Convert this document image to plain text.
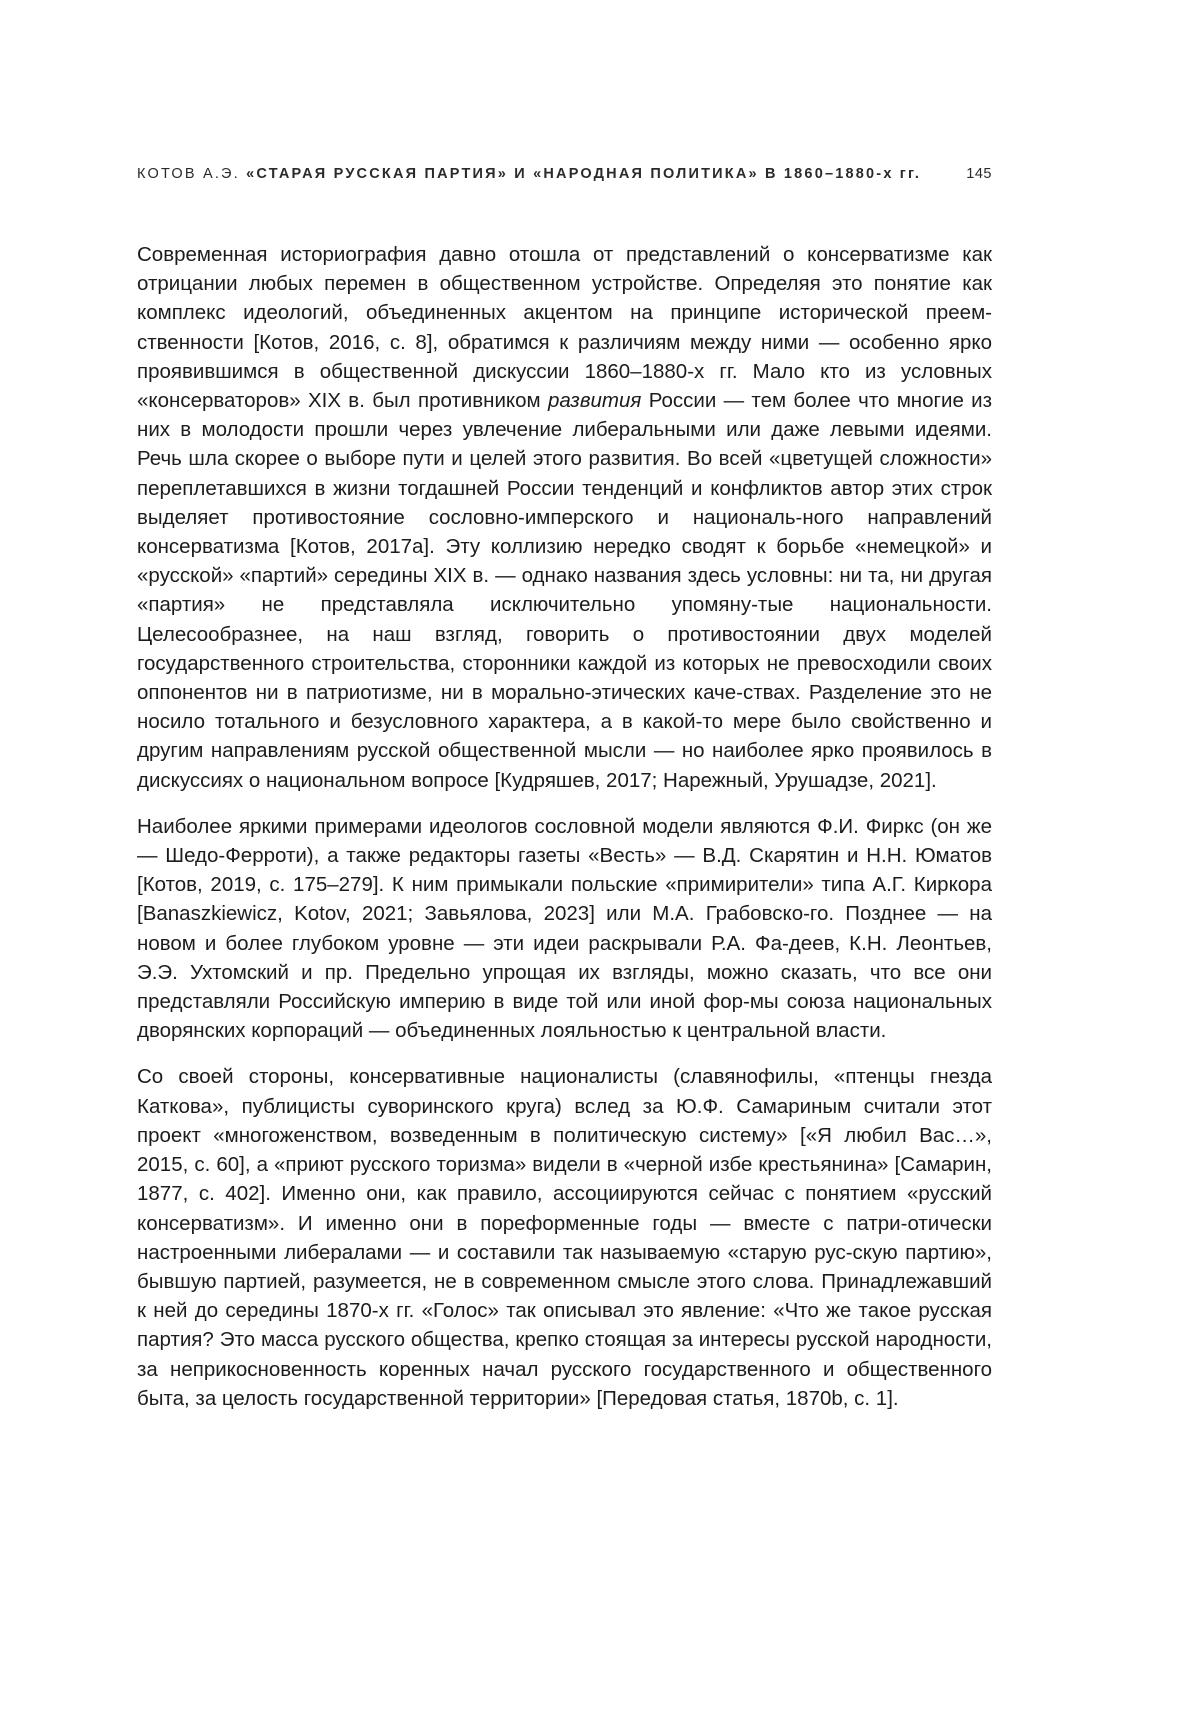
КОТОВ А.Э. «СТАРАЯ РУССКАЯ ПАРТИЯ» И «НАРОДНАЯ ПОЛИТИКА» В 1860–1880-х гг.	145

Современная историография давно отошла от представлений о консерватизме как отрицании любых перемен в общественном устройстве. Определяя это понятие как комплекс идеологий, объединенных акцентом на принципе исторической преем-ственности [Котов, 2016, с. 8], обратимся к различиям между ними — особенно ярко проявившимся в общественной дискуссии 1860–1880-х гг. Мало кто из условных «консерваторов» XIX в. был противником развития России — тем более что многие из них в молодости прошли через увлечение либеральными или даже левыми идеями. Речь шла скорее о выборе пути и целей этого развития. Во всей «цветущей сложности» переплетавшихся в жизни тогдашней России тенденций и конфликтов автор этих строк выделяет противостояние сословно-имперского и националь-ного направлений консерватизма [Котов, 2017а]. Эту коллизию нередко сводят к борьбе «немецкой» и «русской» «партий» середины XIX в. — однако названия здесь условны: ни та, ни другая «партия» не представляла исключительно упомяну-тые национальности. Целесообразнее, на наш взгляд, говорить о противостоянии двух моделей государственного строительства, сторонники каждой из которых не превосходили своих оппонентов ни в патриотизме, ни в морально-этических каче-ствах. Разделение это не носило тотального и безусловного характера, а в какой-то мере было свойственно и другим направлениям русской общественной мысли — но наиболее ярко проявилось в дискуссиях о национальном вопросе [Кудряшев, 2017; Нарежный, Урушадзе, 2021].

Наиболее яркими примерами идеологов сословной модели являются Ф.И. Фиркс (он же — Шедо-Ферроти), а также редакторы газеты «Весть» — В.Д. Скарятин и Н.Н. Юматов [Котов, 2019, с. 175–279]. К ним примыкали польские «примирители» типа А.Г. Киркора [Banaszkiewicz, Kotov, 2021; Завьялова, 2023] или М.А. Грабовско-го. Позднее — на новом и более глубоком уровне — эти идеи раскрывали Р.А. Фа-деев, К.Н. Леонтьев, Э.Э. Ухтомский и пр. Предельно упрощая их взгляды, можно сказать, что все они представляли Российскую империю в виде той или иной фор-мы союза национальных дворянских корпораций — объединенных лояльностью к центральной власти.

Со своей стороны, консервативные националисты (славянофилы, «птенцы гнезда Каткова», публицисты суворинского круга) вслед за Ю.Ф. Самариным считали этот проект «многоженством, возведенным в политическую систему» [«Я любил Вас…», 2015, с. 60], а «приют русского торизма» видели в «черной избе крестьянина» [Самарин, 1877, с. 402]. Именно они, как правило, ассоциируются сейчас с понятием «русский консерватизм». И именно они в пореформенные годы — вместе с патри-отически настроенными либералами — и составили так называемую «старую рус-скую партию», бывшую партией, разумеется, не в современном смысле этого слова. Принадлежавший к ней до середины 1870-х гг. «Голос» так описывал это явление: «Что же такое русская партия? Это масса русского общества, крепко стоящая за интересы русской народности, за неприкосновенность коренных начал русского государственного и общественного быта, за целость государственной территории» [Передовая статья, 1870b, с. 1].
